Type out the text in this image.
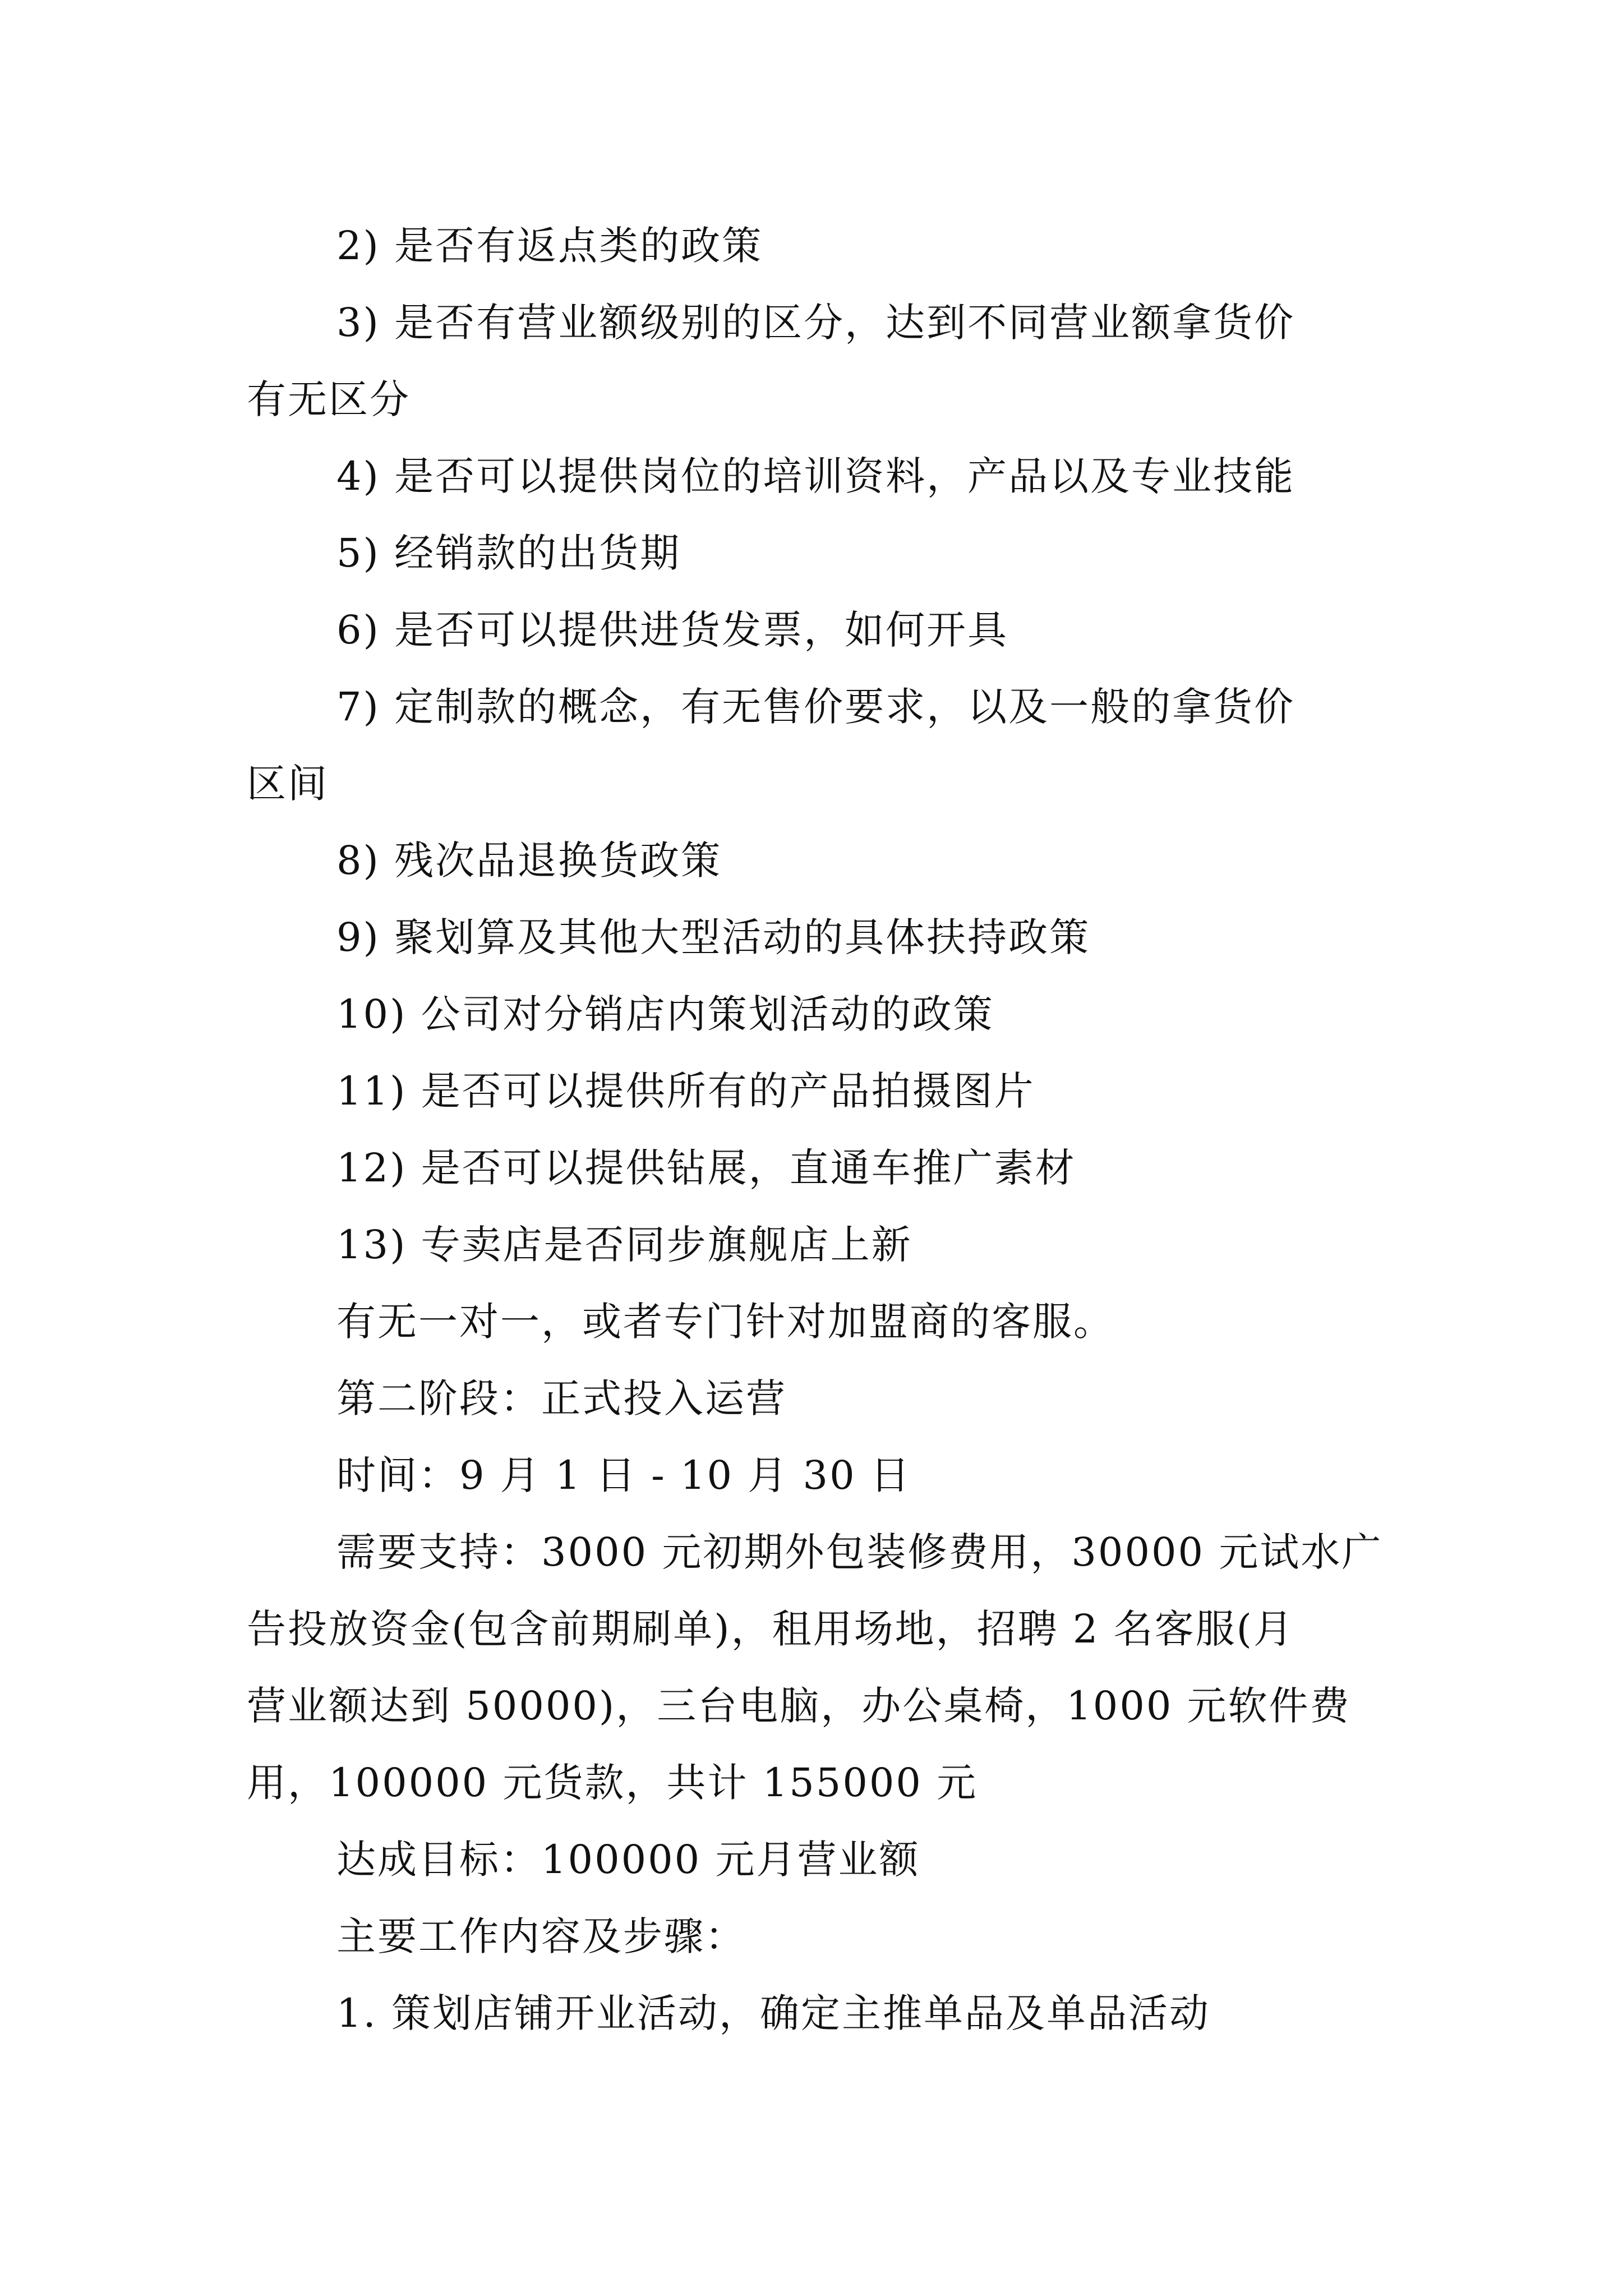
2) 是否有返点类的政策
3) 是否有营业额级别的区分，达到不同营业额拿货价
有无区分
4) 是否可以提供岗位的培训资料，产品以及专业技能
5) 经销款的出货期
6) 是否可以提供进货发票，如何开具
7) 定制款的概念，有无售价要求，以及一般的拿货价
区间
8) 残次品退换货政策
9) 聚划算及其他大型活动的具体扶持政策
10) 公司对分销店内策划活动的政策
11) 是否可以提供所有的产品拍摄图片
12) 是否可以提供钻展，直通车推广素材
13) 专卖店是否同步旗舰店上新
有无一对一，或者专门针对加盟商的客服。
第二阶段：正式投入运营
时间：9 月 1 日 - 10 月 30 日
需要支持：3000 元初期外包装修费用，30000 元试水广
告投放资金(包含前期刷单)，租用场地，招聘 2 名客服(月
营业额达到 50000)，三台电脑，办公桌椅，1000 元软件费
用，100000 元货款，共计 155000 元
达成目标：100000 元月营业额
主要工作内容及步骤：
1. 策划店铺开业活动，确定主推单品及单品活动
